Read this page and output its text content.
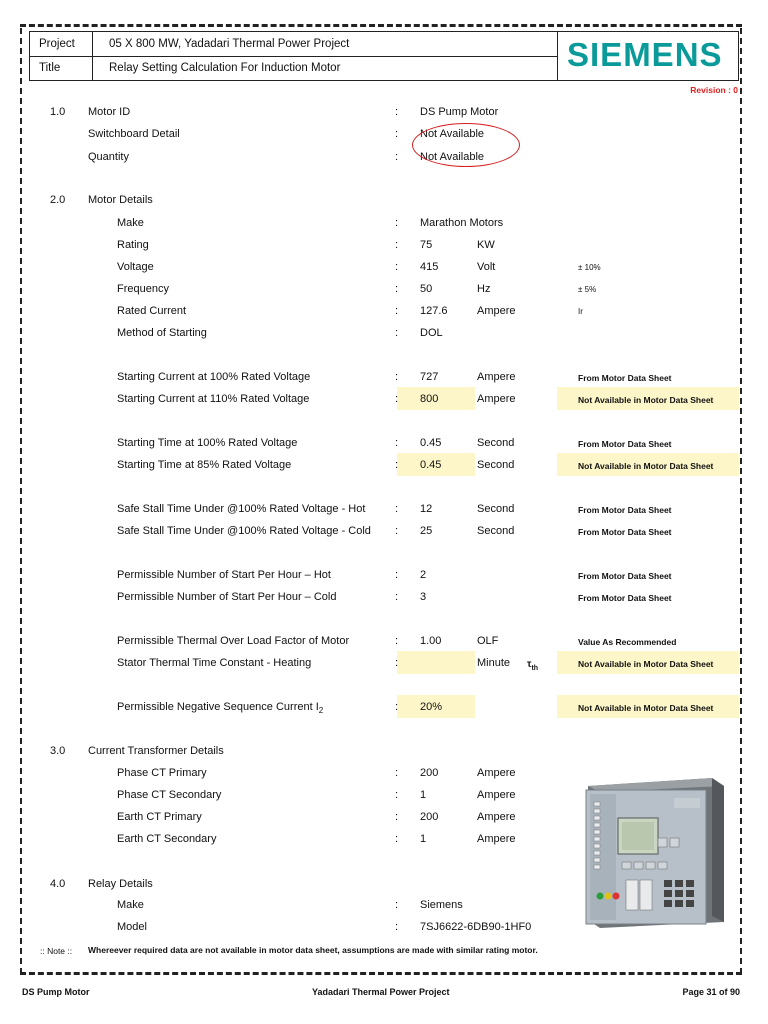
Project	05 X 800 MW, Yadadari Thermal Power Project
Title	Relay Setting Calculation For Induction Motor	SIEMENS
Revision : 0
1.0 Motor ID	: DS Pump Motor
Switchboard Detail	: Not Available
Quantity	: Not Available
2.0 Motor Details
Make	: Marathon Motors
Rating	: 75	KW
Voltage	: 415	Volt	± 10%
Frequency	: 50	Hz	± 5%
Rated Current	: 127.6	Ampere	Ir
Method of Starting	: DOL
Starting Current at 100% Rated Voltage	: 727	Ampere	From Motor Data Sheet
Starting Current at 110% Rated Voltage	: 800	Ampere	Not Available in Motor Data Sheet
Starting Time at 100% Rated Voltage	: 0.45	Second	From Motor Data Sheet
Starting Time at 85% Rated Voltage	: 0.45	Second	Not Available in Motor Data Sheet
Safe Stall Time Under @100% Rated Voltage - Hot	: 12	Second	From Motor Data Sheet
Safe Stall Time Under @100% Rated Voltage - Cold : 25	Second	From Motor Data Sheet
Permissible Number of Start Per Hour – Hot	: 2	From Motor Data Sheet
Permissible Number of Start Per Hour – Cold	: 3	From Motor Data Sheet
Permissible Thermal Over Load Factor of Motor	: 1.00	OLF	Value As Recommended
Stator Thermal Time Constant - Heating	:	Minute $\tau_{th}$	Not Available in Motor Data Sheet
Permissible Negative Sequence Current $I_2$	: 20%	Not Available in Motor Data Sheet
3.0 Current Transformer Details
Phase CT Primary	: 200	Ampere
Phase CT Secondary	: 1	Ampere
Earth CT Primary	: 200	Ampere
Earth CT Secondary	: 1	Ampere
4.0 Relay Details
Make	: Siemens
Model	: 7SJ6622-6DB90-1HF0
:: Note :: Whereever required data are not available in motor data sheet, assumptions are made with similar rating motor.
DS Pump Motor	Yadadari Thermal Power Project	Page 31 of 90
